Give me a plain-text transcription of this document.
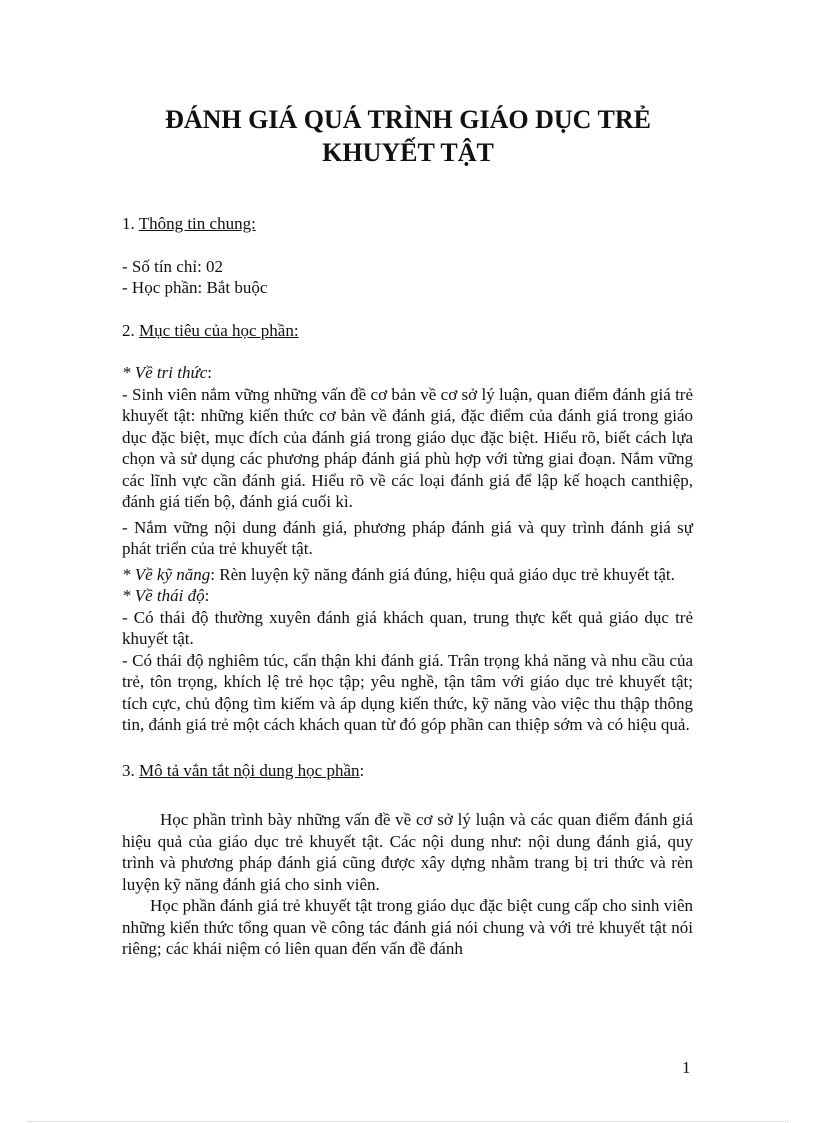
ĐÁNH GIÁ QUÁ TRÌNH GIÁO DỤC TRẺ
KHUYẾT TẬT

1. Thông tin chung:

- Số tín chỉ: 02

- Học phần: Bắt buộc

2. Mục tiêu của học phần:

* Về tri thức:

- Sinh viên nắm vững những vấn đề cơ bản về cơ sở lý luận, quan điểm đánh giá trẻ khuyết tật: những kiến thức cơ bản về đánh giá, đặc điểm của đánh giá trong giáo dục đặc biệt, mục đích của đánh giá trong giáo dục đặc biệt. Hiểu rõ, biết cách lựa chọn và sử dụng các phương pháp đánh giá phù hợp với từng giai đoạn. Nắm vững các lĩnh vực cần đánh giá. Hiểu rõ về các loại đánh giá để lập kế hoạch canthiệp, đánh giá tiến bộ, đánh giá cuối kì.

- Nắm vững nội dung đánh giá, phương pháp đánh giá và quy trình đánh giá sự phát triển của trẻ khuyết tật.

* Về kỹ năng: Rèn luyện kỹ năng đánh giá đúng, hiệu quả giáo dục trẻ khuyết tật.

* Về thái độ:

- Có thái độ thường xuyên đánh giá khách quan, trung thực kết quả giáo dục trẻ khuyết tật.

- Có thái độ nghiêm túc, cẩn thận khi đánh giá. Trân trọng khả năng và nhu cầu của trẻ, tôn trọng, khích lệ trẻ học tập; yêu nghề, tận tâm với giáo dục trẻ khuyết tật; tích cực, chủ động tìm kiếm và áp dụng kiến thức, kỹ năng vào việc thu thập thông tin, đánh giá trẻ một cách khách quan từ đó góp phần can thiệp sớm và có hiệu quả.

3. Mô tả vắn tắt nội dung học phần:

Học phần trình bày những vấn đề về cơ sở lý luận và các quan điểm đánh giá hiệu quả của giáo dục trẻ khuyết tật. Các nội dung như: nội dung đánh giá, quy trình và phương pháp đánh giá cũng được xây dựng nhằm trang bị tri thức và rèn luyện kỹ năng đánh giá cho sinh viên.

Học phần đánh giá trẻ khuyết tật trong giáo dục đặc biệt cung cấp cho sinh viên những kiến thức tổng quan về công tác đánh giá nói chung và với trẻ khuyết tật nói riêng; các khái niệm có liên quan đến vấn đề đánh

1
